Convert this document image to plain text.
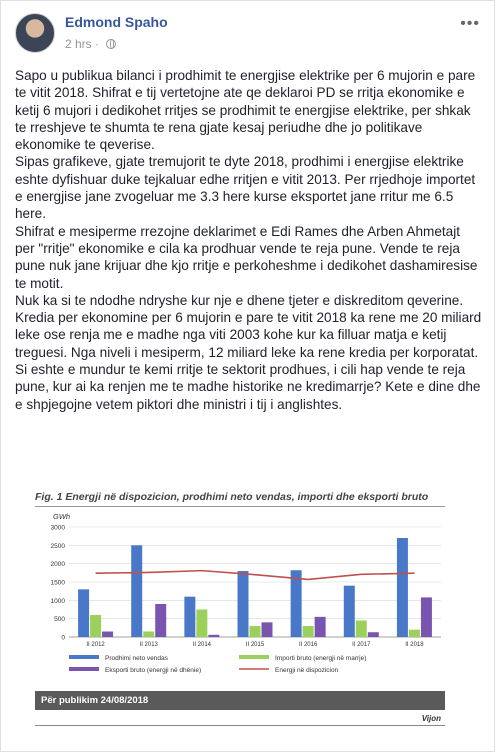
Edmond Spaho
2 hrs ·
•••

Sapo u publikua bilanci i prodhimit te energjise elektrike per 6 mujorin e pare te vitit 2018. Shifrat e tij vertetojne ate qe deklaroi PD se rritja ekonomike e ketij 6 mujori i dedikohet rritjes se prodhimit te energjise elektrike, per shkak te rreshjeve te shumta te rena gjate kesaj periudhe dhe jo politikave ekonomike te qeverise.

Sipas grafikeve, gjate tremujorit te dyte 2018, prodhimi i energjise elektrike eshte dyfishuar duke tejkaluar edhe rritjen e vitit 2013. Per rrjedhoje importet e energjise jane zvogeluar me 3.3 here kurse eksportet jane rritur me 6.5 here.

Shifrat e mesiperme rrezojne deklarimet e Edi Rames dhe Arben Ahmetajt per "rritje" ekonomike e cila ka prodhuar vende te reja pune. Vende te reja pune nuk jane krijuar dhe kjo rritje e perkoheshme i dedikohet dashamiresise te motit.

Nuk ka si te ndodhe ndryshe kur nje e dhene tjeter e diskreditom qeverine. Kredia per ekonomine per 6 mujorin e pare te vitit 2018 ka rene me 20 miliard leke ose renja me e madhe nga viti 2003 kohe kur ka filluar matja e ketij treguesi. Nga niveli i mesiperm, 12 miliard leke ka rene kredia per korporatat. Si eshte e mundur te kemi rritje te sektorit prodhues, i cili hap vende te reja pune, kur ai ka renjen me te madhe historike ne kredimarrje? Kete e dine dhe e shpjegojne vetem piktori dhe ministri i tij i anglishtes.

Fig. 1 Energji në dispozicion, prodhimi neto vendas, importi dhe eksporti bruto
GWh
0
500
1000
1500
2000
2500
3000
II 2012	II 2013	II 2014	II 2015	II 2016	II 2017	II 2018
Prodhimi neto vendas	Importi bruto (energji në marrje)
Eksporti bruto (energji në dhënie)	Energji në dispozicion
Për publikim 24/08/2018
Vijon
